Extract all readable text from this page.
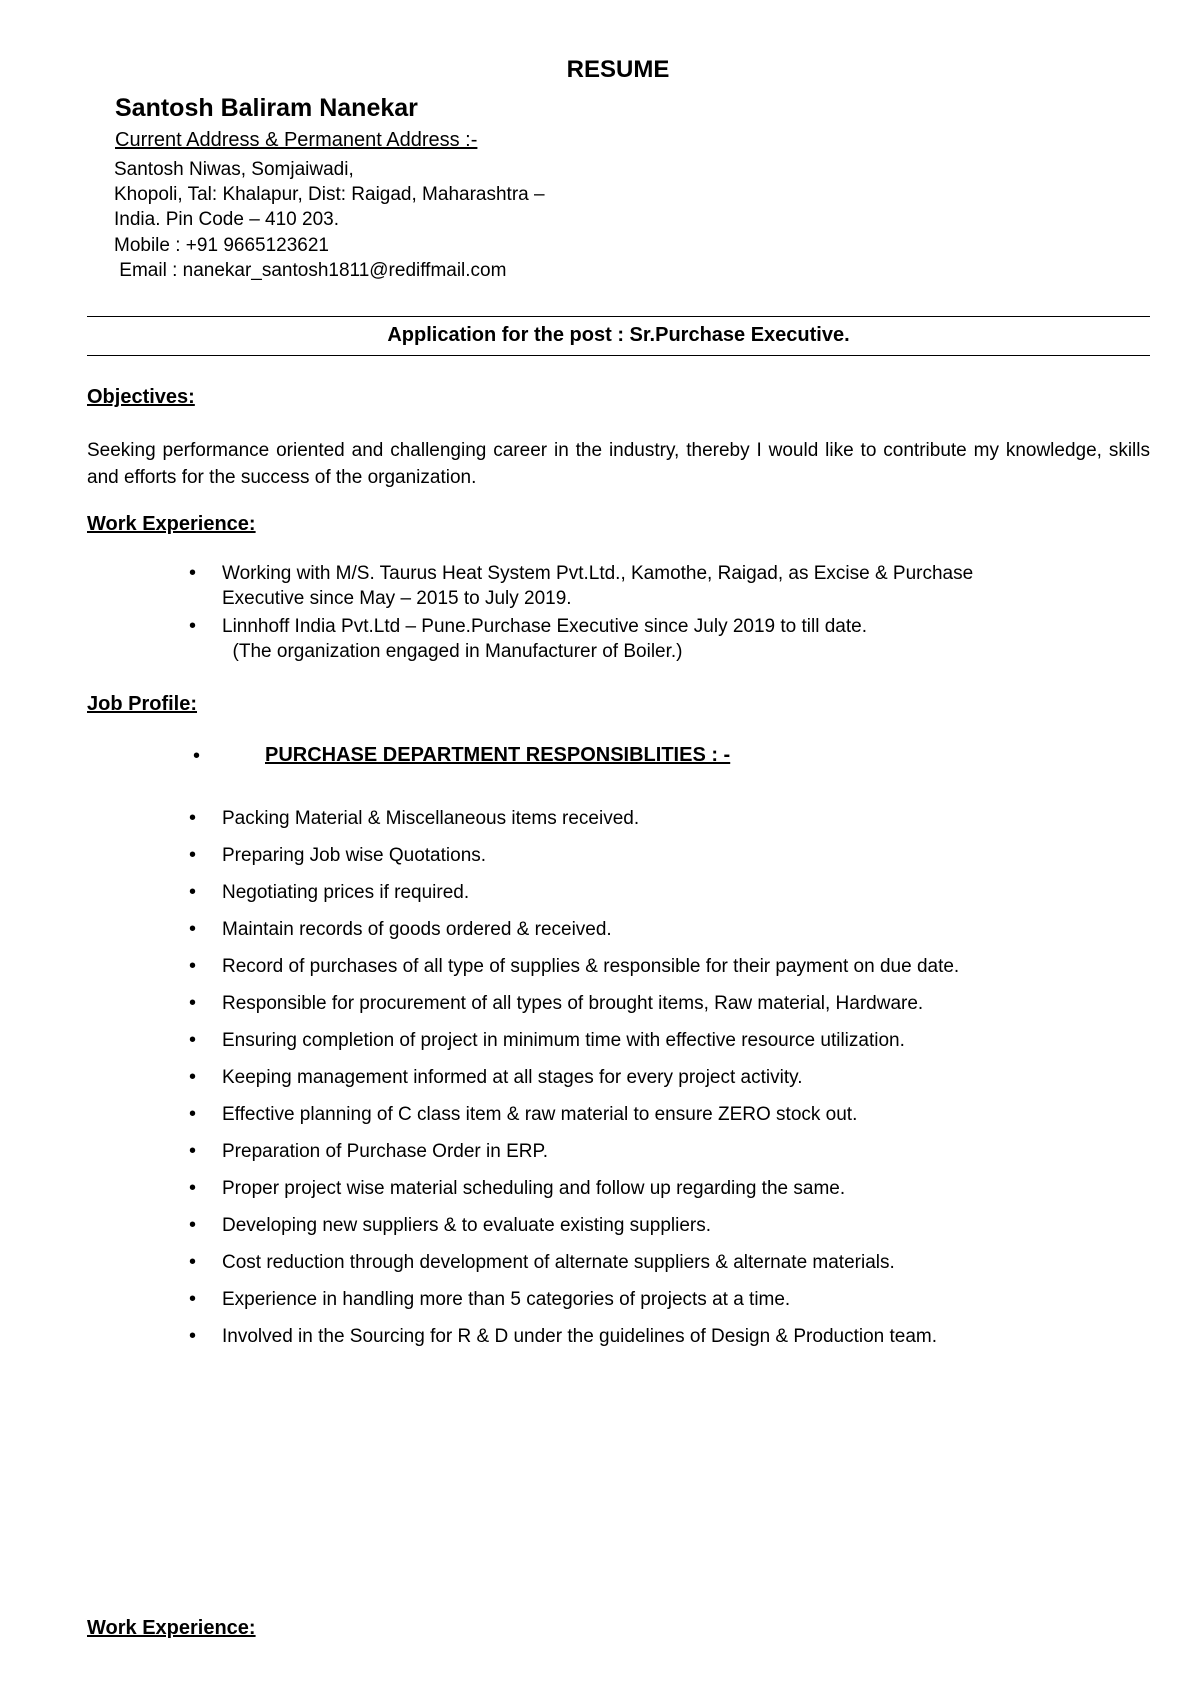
RESUME
Santosh Baliram Nanekar
Current Address & Permanent Address :-
Santosh Niwas, Somjaiwadi,
Khopoli, Tal: Khalapur, Dist: Raigad, Maharashtra –
India. Pin Code – 410 203.
Mobile : +91 9665123621
Email : nanekar_santosh1811@rediffmail.com
Application for the post : Sr.Purchase Executive.
Objectives:
Seeking performance oriented and challenging career in the industry, thereby I would like to contribute my knowledge, skills and efforts for the success of the organization.
Work Experience:
• Working with M/S. Taurus Heat System Pvt.Ltd., Kamothe, Raigad, as Excise & Purchase
Executive since May – 2015 to July 2019.
• Linnhoff India Pvt.Ltd – Pune.Purchase Executive since July 2019 to till date.
(The organization engaged in Manufacturer of Boiler.)
Job Profile:
•	PURCHASE DEPARTMENT RESPONSIBLITIES : -
• Packing Material & Miscellaneous items received.
• Preparing Job wise Quotations.
• Negotiating prices if required.
• Maintain records of goods ordered & received.
• Record of purchases of all type of supplies & responsible for their payment on due date.
• Responsible for procurement of all types of brought items, Raw material, Hardware.
• Ensuring completion of project in minimum time with effective resource utilization.
• Keeping management informed at all stages for every project activity.
• Effective planning of C class item & raw material to ensure ZERO stock out.
• Preparation of Purchase Order in ERP.
• Proper project wise material scheduling and follow up regarding the same.
• Developing new suppliers & to evaluate existing suppliers.
• Cost reduction through development of alternate suppliers & alternate materials.
• Experience in handling more than 5 categories of projects at a time.
• Involved in the Sourcing for R & D under the guidelines of Design & Production team.
Work Experience:
